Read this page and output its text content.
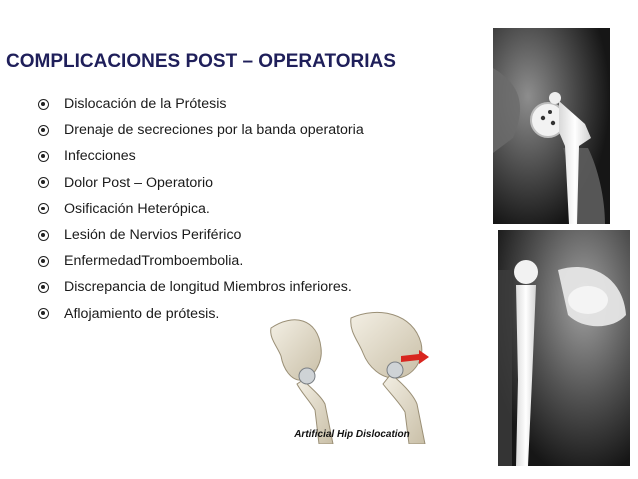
COMPLICACIONES POST – OPERATORIAS
Dislocación de la Prótesis
Drenaje de secreciones por la banda operatoria
Infecciones
Dolor Post – Operatorio
Osificación Heterópica.
Lesión de Nervios Periférico
EnfermedadTromboembolia.
Discrepancia de longitud Miembros inferiores.
Aflojamiento de prótesis.
Artificial Hip Dislocation
